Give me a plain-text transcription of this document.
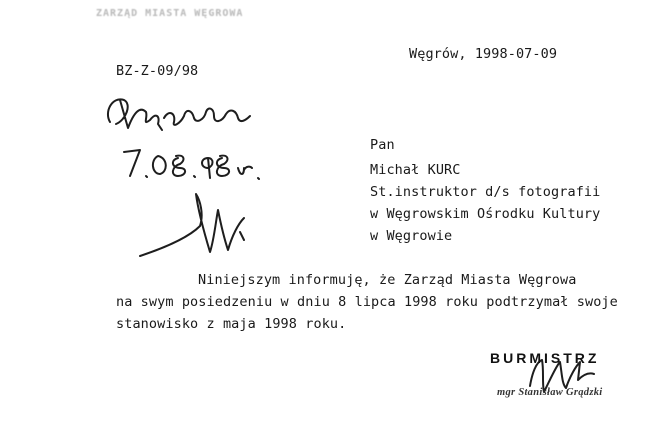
ZARZĄD MIASTA WĘGROWA
Węgrów, 1998-07-09
BZ-Z-09/98
Pan
Michał KURC
St.instruktor d/s fotografii
w Węgrowskim Ośrodku Kultury
w Węgrowie
Niniejszym informuję, że Zarząd Miasta Węgrowa
na swym posiedzeniu w dniu 8 lipca 1998 roku podtrzymał swoje
stanowisko z maja 1998 roku.
BURMISTRZ
mgr Stanisław Grądzki
